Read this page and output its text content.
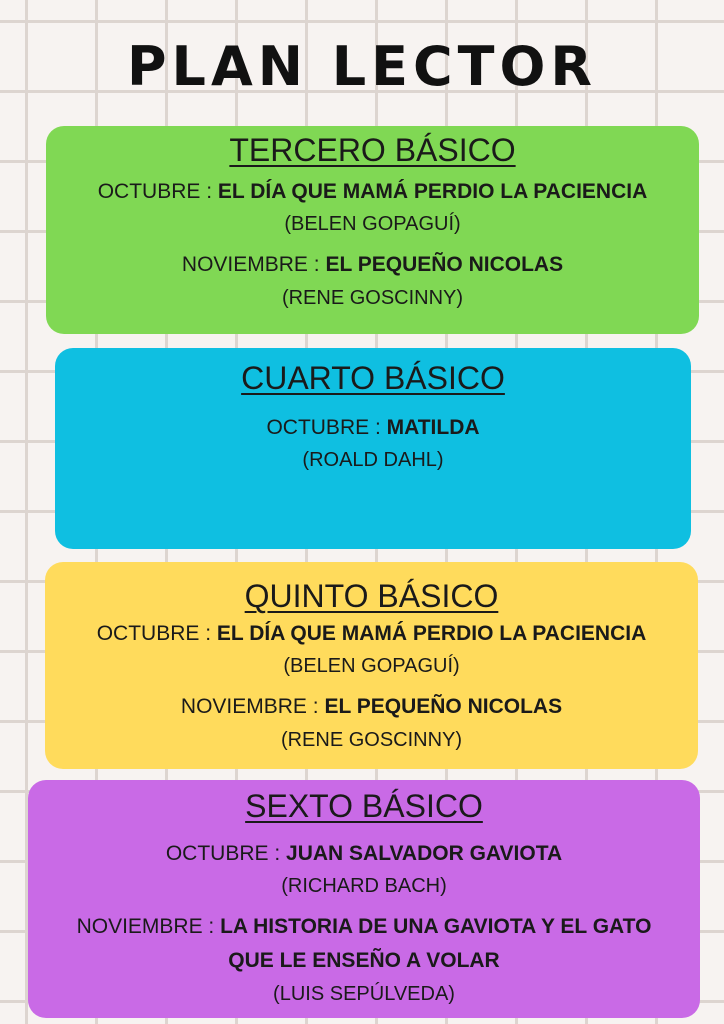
PLAN LECTOR
TERCERO BÁSICO
OCTUBRE : EL DÍA QUE MAMÁ PERDIO LA PACIENCIA
(BELEN GOPAGUÍ)
NOVIEMBRE : EL PEQUEÑO NICOLAS
(RENE GOSCINNY)
CUARTO BÁSICO
OCTUBRE : MATILDA
(ROALD DAHL)
QUINTO BÁSICO
OCTUBRE : EL DÍA QUE MAMÁ PERDIO LA PACIENCIA
(BELEN GOPAGUÍ)
NOVIEMBRE : EL PEQUEÑO NICOLAS
(RENE GOSCINNY)
SEXTO BÁSICO
OCTUBRE : JUAN SALVADOR GAVIOTA
(RICHARD BACH)
NOVIEMBRE : LA HISTORIA DE UNA GAVIOTA Y EL GATO QUE LE ENSEÑO A VOLAR
(LUIS SEPÚLVEDA)
